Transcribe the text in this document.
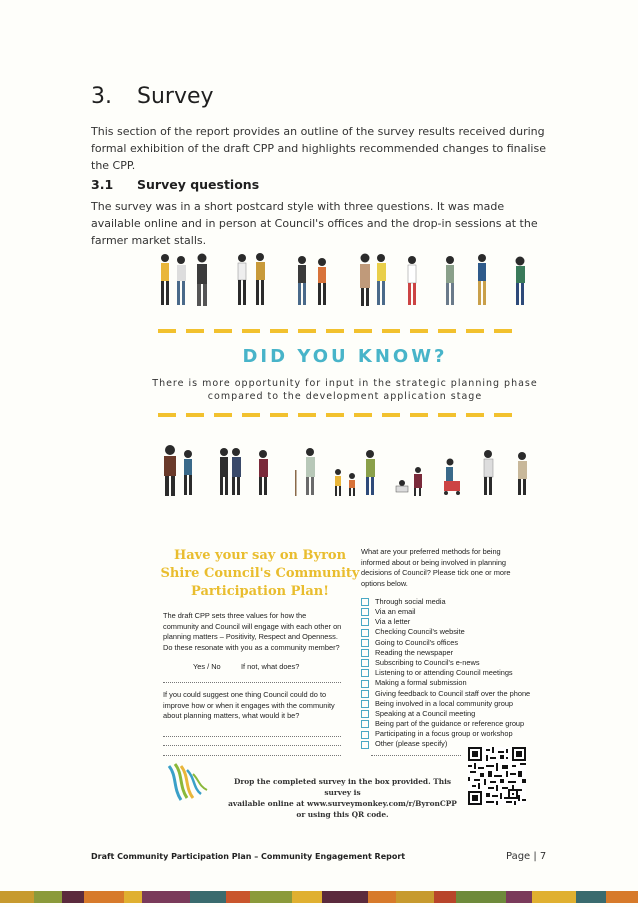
3. Survey
This section of the report provides an outline of the survey results received during formal exhibition of the draft CPP and highlights recommended changes to finalise the CPP.
3.1 Survey questions
The survey was in a short postcard style with three questions. It was made available online and in person at Council's offices and the drop-in sessions at the farmer market stalls.
DID YOU KNOW?
There is more opportunity for input in the strategic planning phase
compared to the development application stage
Have your say on Byron Shire Council's Community Participation Plan!
The draft CPP sets three values for how the community and Council will engage with each other on planning matters – Positivity, Respect and Openness. Do these resonate with you as a community member?
Yes / No	If not, what does?
If you could suggest one thing Council could do to improve how or when it engages with the community about planning matters, what would it be?
What are your preferred methods for being informed about or being involved in planning decisions of Council? Please tick one or more options below.
Through social media
Via an email
Via a letter
Checking Council's website
Going to Council's offices
Reading the newspaper
Subscribing to Council's e-news
Listening to or attending Council meetings
Making a formal submission
Giving feedback to Council staff over the phone
Being involved in a local community group
Speaking at a Council meeting
Being part of the guidance or reference group
Participating in a focus group or workshop
Other (please specify)
Drop the completed survey in the box provided. This survey is
available online at www.surveymonkey.com/r/ByronCPP
or using this QR code.
Draft Community Participation Plan – Community Engagement Report	Page | 7
